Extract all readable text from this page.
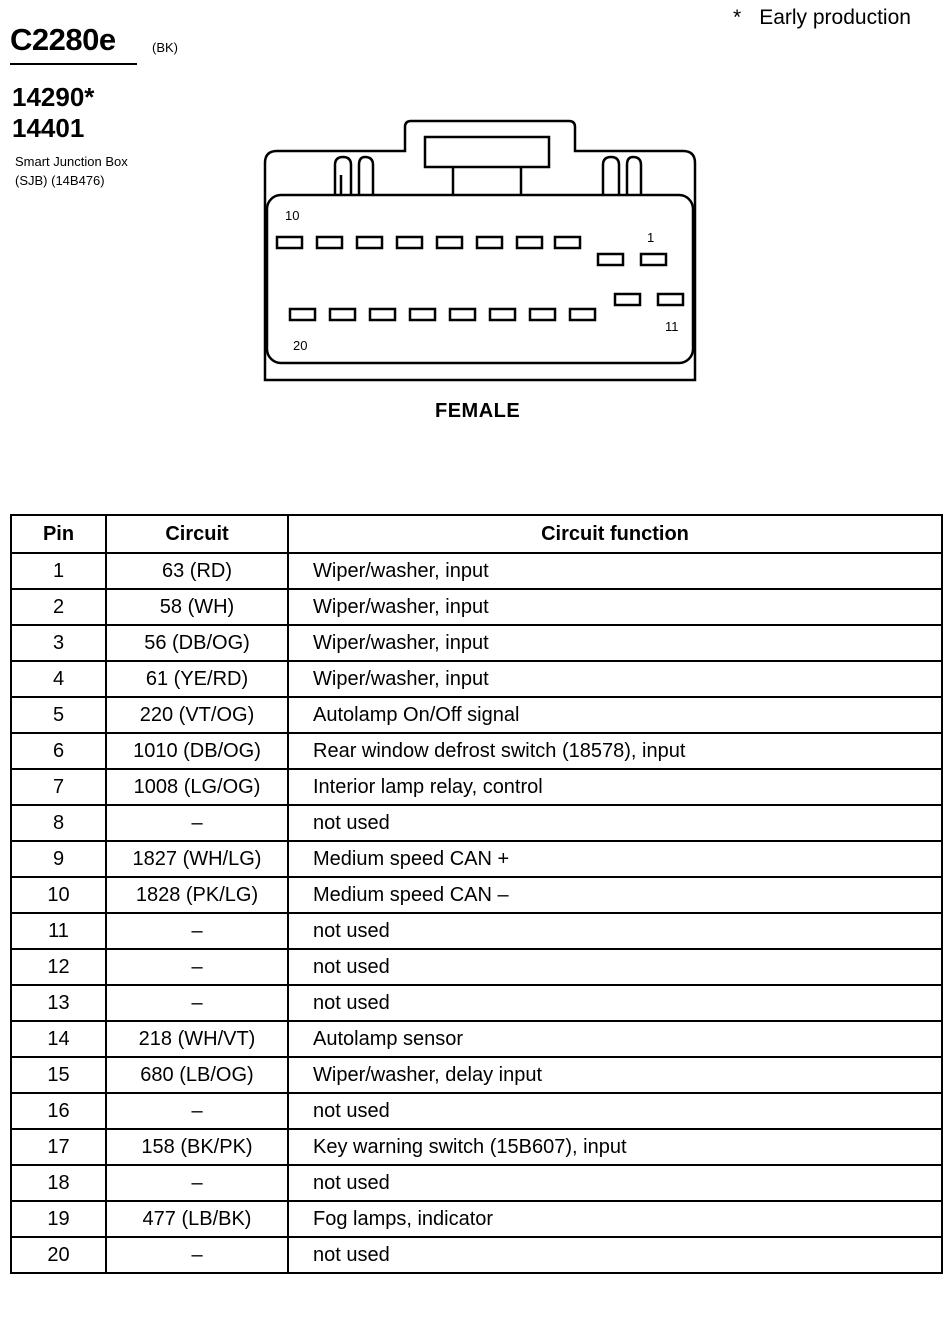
C2280e	(BK)
* Early production
14290*
14401
Smart Junction Box
(SJB) (14B476)
10
1
20
11
FEMALE
Pin	Circuit	Circuit function
1	63 (RD)	Wiper/washer, input
2	58 (WH)	Wiper/washer, input
3	56 (DB/OG)	Wiper/washer, input
4	61 (YE/RD)	Wiper/washer, input
5	220 (VT/OG)	Autolamp On/Off signal
6	1010 (DB/OG)	Rear window defrost switch (18578), input
7	1008 (LG/OG)	Interior lamp relay, control
8	–	not used
9	1827 (WH/LG)	Medium speed CAN +
10	1828 (PK/LG)	Medium speed CAN –
11	–	not used
12	–	not used
13	–	not used
14	218 (WH/VT)	Autolamp sensor
15	680 (LB/OG)	Wiper/washer, delay input
16	–	not used
17	158 (BK/PK)	Key warning switch (15B607), input
18	–	not used
19	477 (LB/BK)	Fog lamps, indicator
20	–	not used
